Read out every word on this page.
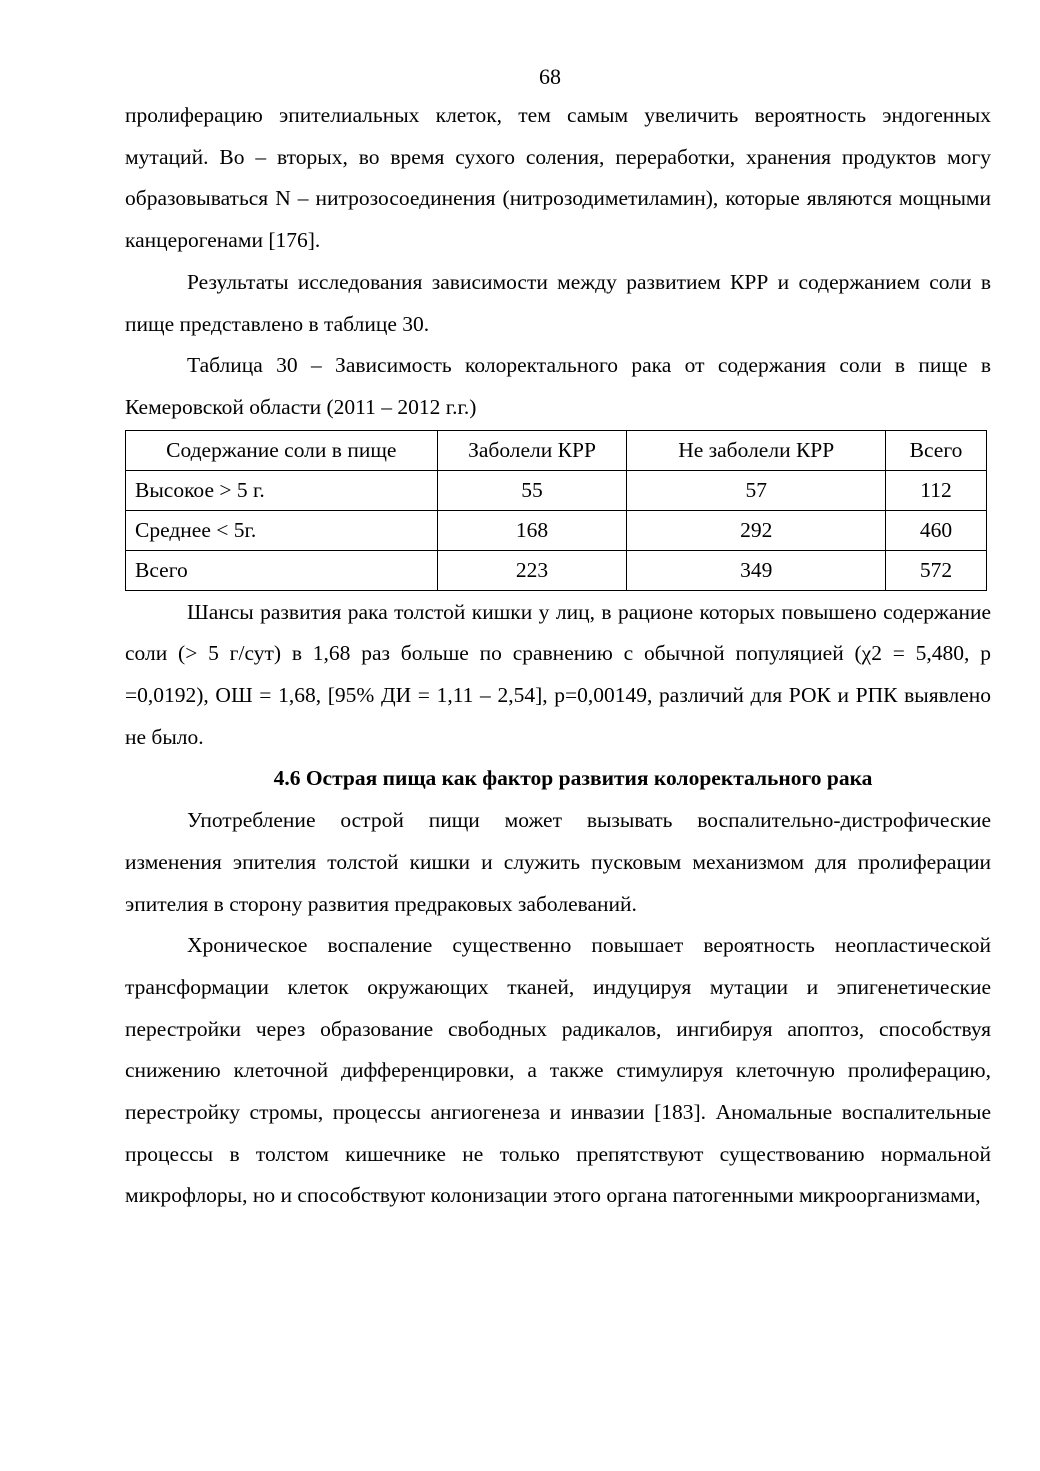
68

пролиферацию эпителиальных клеток, тем самым увеличить вероятность эндогенных мутаций. Во – вторых, во время сухого соления, переработки, хранения продуктов могу образовываться N – нитрозосоединения (нитрозодиметиламин), которые являются мощными канцерогенами [176].

Результаты исследования зависимости между развитием КРР и содержанием соли в пище представлено в таблице 30.

Таблица 30 – Зависимость колоректального рака от содержания соли в пище в Кемеровской области (2011 – 2012 г.г.)

Содержание соли в пище	Заболели КРР	Не заболели КРР	Всего
Высокое > 5 г.	55	57	112
Среднее < 5г.	168	292	460
Всего	223	349	572

Шансы развития рака толстой кишки у лиц, в рационе которых повышено содержание соли (> 5 г/сут) в 1,68 раз больше по сравнению с обычной популяцией (χ2 = 5,480, p =0,0192), ОШ = 1,68, [95% ДИ = 1,11 – 2,54], p=0,00149, различий для РОК и РПК выявлено не было.

4.6 Острая пища как фактор развития колоректального рака

Употребление острой пищи может вызывать воспалительно-дистрофические изменения эпителия толстой кишки и служить пусковым механизмом для пролиферации эпителия в сторону развития предраковых заболеваний.

Хроническое воспаление существенно повышает вероятность неопластической трансформации клеток окружающих тканей, индуцируя мутации и эпигенетические перестройки через образование свободных радикалов, ингибируя апоптоз, способствуя снижению клеточной дифференцировки, а также стимулируя клеточную пролиферацию, перестройку стромы, процессы ангиогенеза и инвазии [183]. Аномальные воспалительные процессы в толстом кишечнике не только препятствуют существованию нормальной микрофлоры, но и способствуют колонизации этого органа патогенными микроорганизмами,
